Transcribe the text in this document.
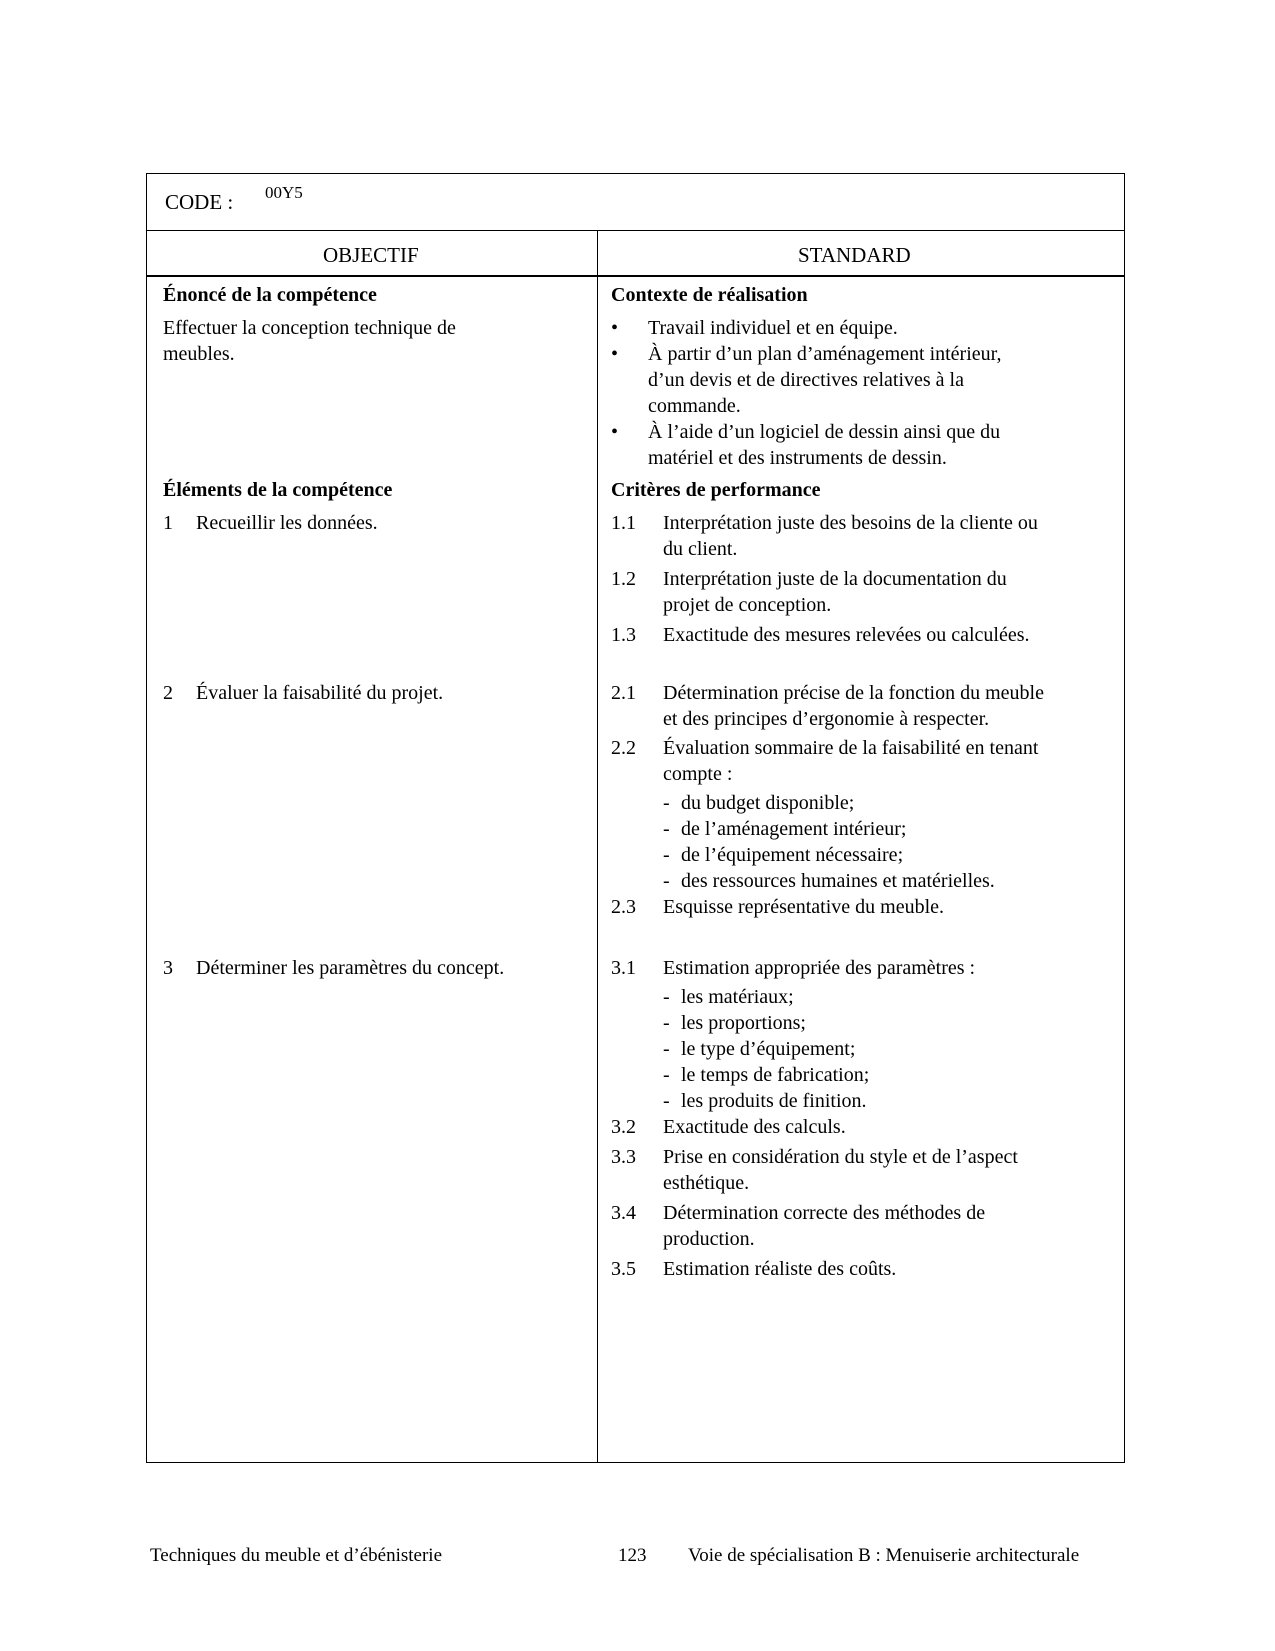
CODE : 00Y5
OBJECTIF	STANDARD
Énoncé de la compétence
Effectuer la conception technique de
meubles.
Éléments de la compétence
1 Recueillir les données.
2 Évaluer la faisabilité du projet.
3 Déterminer les paramètres du concept.
Contexte de réalisation
• Travail individuel et en équipe.
• À partir d’un plan d’aménagement intérieur,
d’un devis et de directives relatives à la
commande.
• À l’aide d’un logiciel de dessin ainsi que du
matériel et des instruments de dessin.
Critères de performance
1.1 Interprétation juste des besoins de la cliente ou
du client.
1.2 Interprétation juste de la documentation du
projet de conception.
1.3 Exactitude des mesures relevées ou calculées.
2.1 Détermination précise de la fonction du meuble
et des principes d’ergonomie à respecter.
2.2 Évaluation sommaire de la faisabilité en tenant
compte :
- du budget disponible;
- de l’aménagement intérieur;
- de l’équipement nécessaire;
- des ressources humaines et matérielles.
2.3 Esquisse représentative du meuble.
3.1 Estimation appropriée des paramètres :
- les matériaux;
- les proportions;
- le type d’équipement;
- le temps de fabrication;
- les produits de finition.
3.2 Exactitude des calculs.
3.3 Prise en considération du style et de l’aspect
esthétique.
3.4 Détermination correcte des méthodes de
production.
3.5 Estimation réaliste des coûts.
Techniques du meuble et d’ébénisterie	123 Voie de spécialisation B : Menuiserie architecturale
